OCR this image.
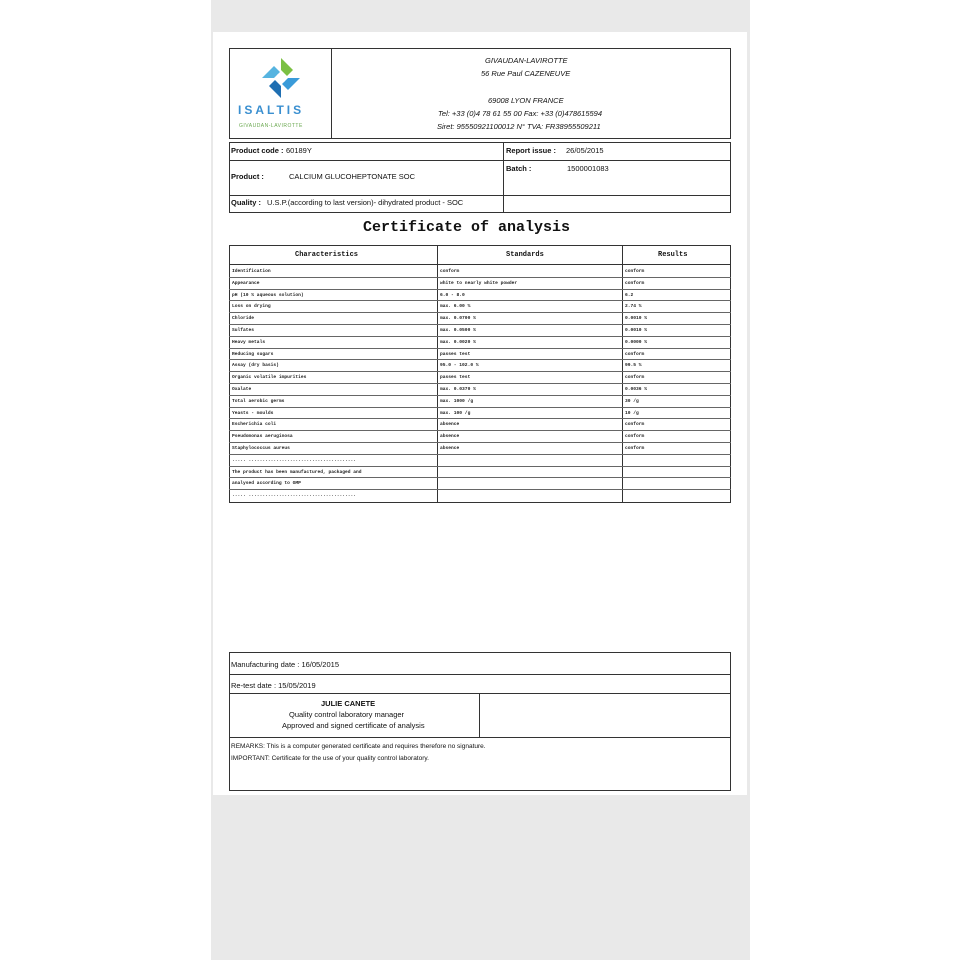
ISALTIS
GIVAUDAN-LAVIROTTE
GIVAUDAN-LAVIROTTE
56 Rue Paul CAZENEUVE
69008 LYON FRANCE
Tel: +33 (0)4 78 61 55 00 Fax: +33 (0)478615594
Siret: 95550921100012 N° TVA: FR38955509211
Product code : 60189Y	Report issue : 26/05/2015
Product :	CALCIUM GLUCOHEPTONATE SOC
Batch :	1500001083
Quality : U.S.P.(according to last version)- dihydrated product - SOC
Certificate of analysis
Characteristics	Standards	Results
Identification	conform	conform
Appearance	white to nearly white powder	conform
pH (10 % aqueous solution)	6.0 - 8.0	6.2
Loss on drying	max. 6.00 %	2.74 %
Chloride	max. 0.0700 %	0.0010 %
Sulfates	max. 0.0500 %	0.0010 %
Heavy metals	max. 0.0020 %	0.0000 %
Reducing sugars	passes test	conform
Assay (dry basis)	95.0 - 102.0 %	99.5 %
Organic volatile impurities	passes test	conform
Oxalate	max. 0.0370 %	0.0036 %
Total aerobic germs	max. 1000 /g	30 /g
Yeasts - moulds	max. 100 /g	10 /g
Escherichia coli	absence	conform
Pseudomonas aeruginosa	absence	conform
Staphylococcus aureus	absence	conform
..... .......................................
The product has been manufactured, packaged and
analysed according to GMP
..... .......................................
Manufacturing date : 16/05/2015
Re-test date : 15/05/2019
JULIE CANETE
Quality control laboratory manager
Approved and signed certificate of analysis
REMARKS: This is a computer generated certificate and requires therefore no signature.
IMPORTANT: Certificate for the use of your quality control laboratory.
